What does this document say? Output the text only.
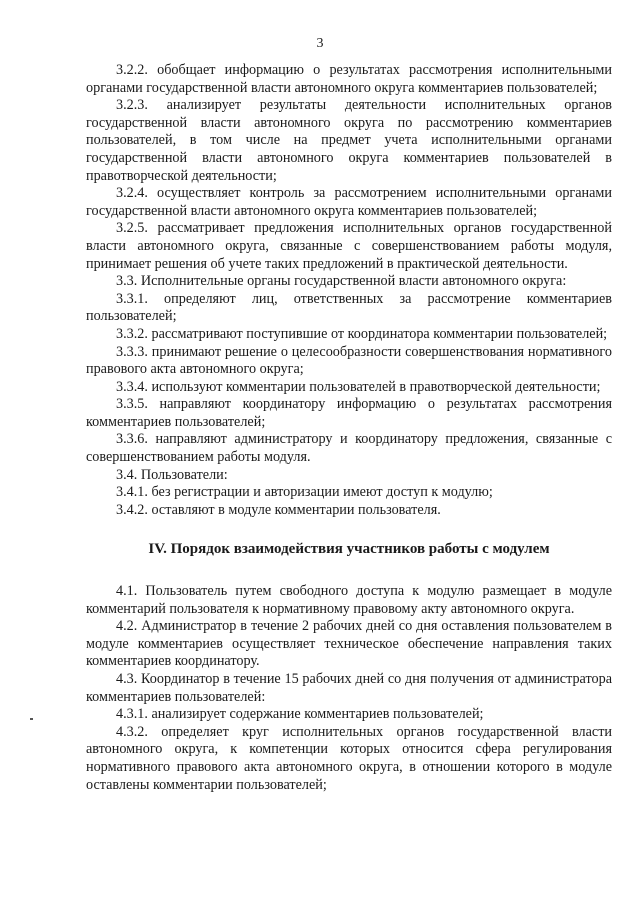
3

3.2.2. обобщает информацию о результатах рассмотрения исполнительными органами государственной власти автономного округа комментариев пользователей;

3.2.3. анализирует результаты деятельности исполнительных органов государственной власти автономного округа по рассмотрению комментариев пользователей, в том числе на предмет учета исполнительными органами государственной власти автономного округа комментариев пользователей в правотворческой деятельности;

3.2.4. осуществляет контроль за рассмотрением исполнительными органами государственной власти автономного округа комментариев пользователей;

3.2.5. рассматривает предложения исполнительных органов государственной власти автономного округа, связанные с совершенствованием работы модуля, принимает решения об учете таких предложений в практической деятельности.

3.3. Исполнительные органы государственной власти автономного округа:

3.3.1. определяют лиц, ответственных за рассмотрение комментариев пользователей;

3.3.2. рассматривают поступившие от координатора комментарии пользователей;

3.3.3. принимают решение о целесообразности совершенствования нормативного правового акта автономного округа;

3.3.4. используют комментарии пользователей в правотворческой деятельности;

3.3.5. направляют координатору информацию о результатах рассмотрения комментариев пользователей;

3.3.6. направляют администратору и координатору предложения, связанные с совершенствованием работы модуля.

3.4. Пользователи:

3.4.1. без регистрации и авторизации имеют доступ к модулю;

3.4.2. оставляют в модуле комментарии пользователя.

IV. Порядок взаимодействия участников работы с модулем

4.1. Пользователь путем свободного доступа к модулю размещает в модуле комментарий пользователя к нормативному правовому акту автономного округа.

4.2. Администратор в течение 2 рабочих дней со дня оставления пользователем в модуле комментариев осуществляет техническое обеспечение направления таких комментариев координатору.

4.3. Координатор в течение 15 рабочих дней со дня получения от администратора комментариев пользователей:

4.3.1. анализирует содержание комментариев пользователей;

4.3.2. определяет круг исполнительных органов государственной власти автономного округа, к компетенции которых относится сфера регулирования нормативного правового акта автономного округа, в отношении которого в модуле оставлены комментарии пользователей;
